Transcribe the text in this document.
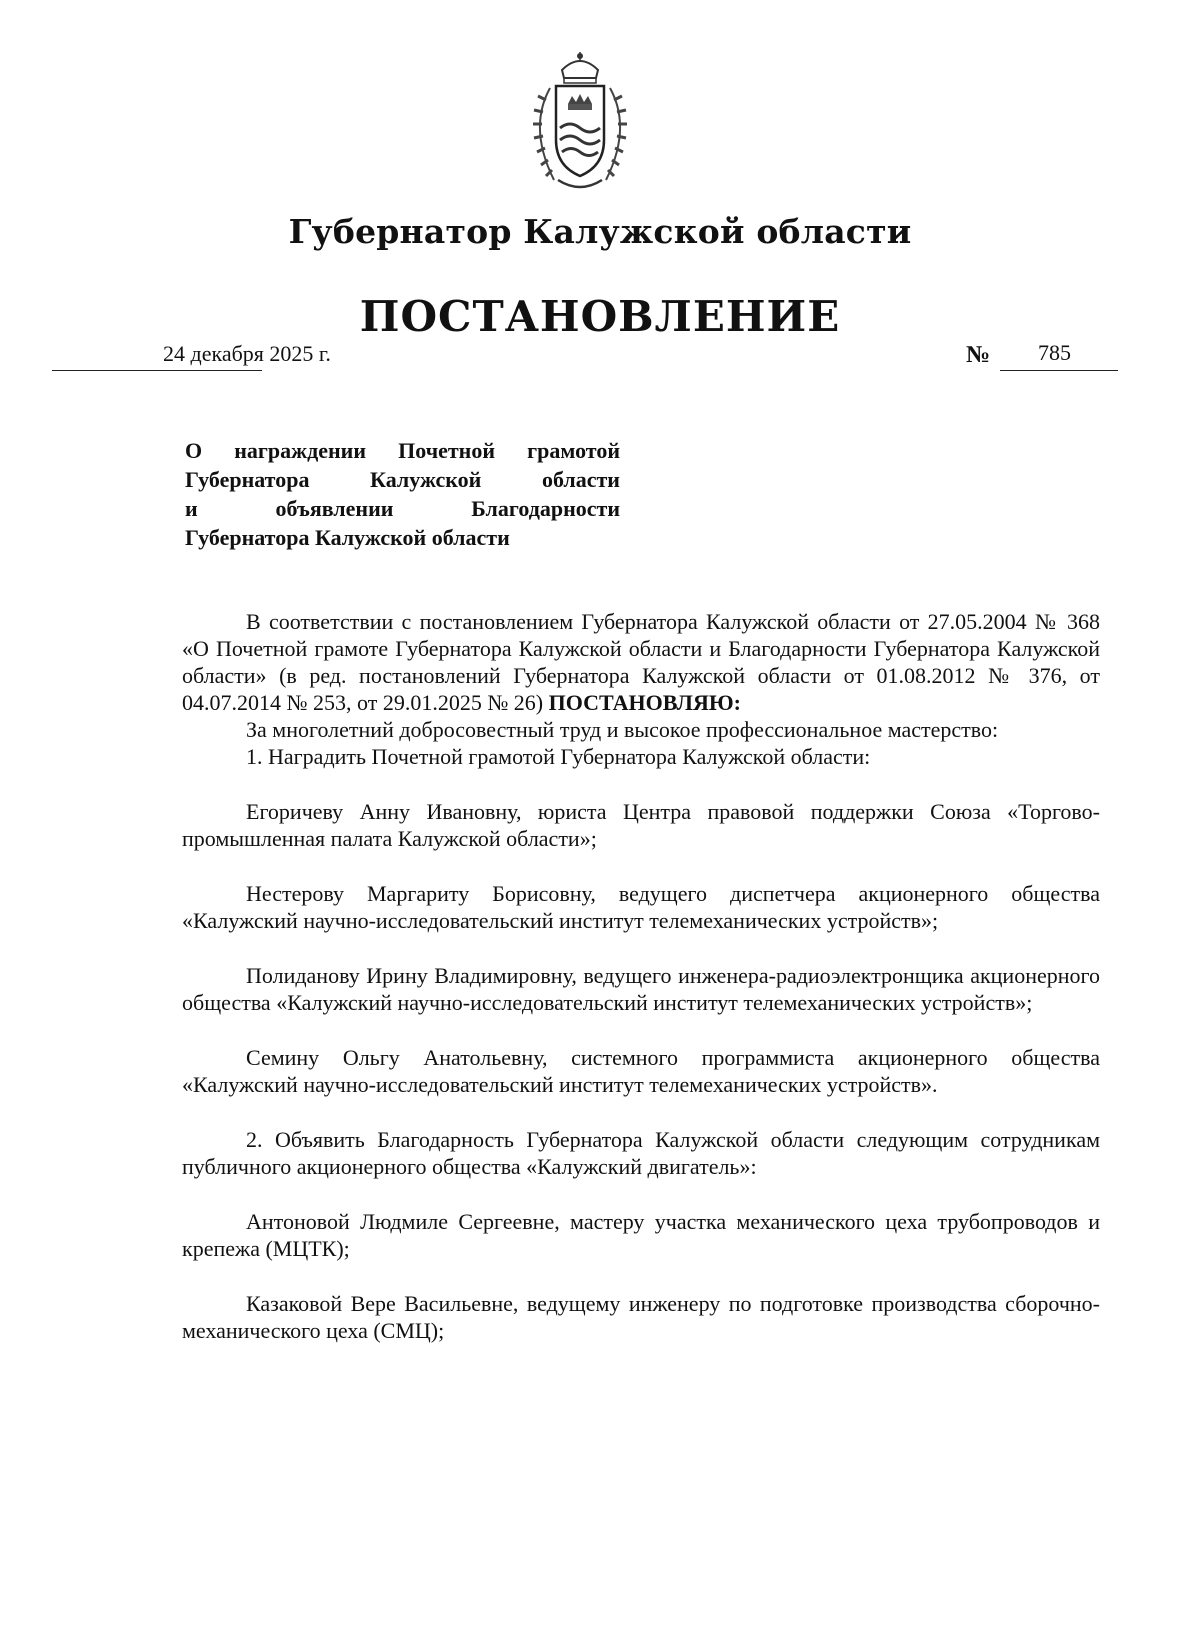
Губернатор Калужской области
ПОСТАНОВЛЕНИЕ
24 декабря 2025 г.	№ 785

О награждении Почетной грамотой

Губернатора Калужской области

и объявлении Благодарности

Губернатора Калужской области

В соответствии с постановлением Губернатора Калужской области от 27.05.2004 № 368 «О Почетной грамоте Губернатора Калужской области и Благодарности Губернатора Калужской области» (в ред. постановлений Губернатора Калужской области от 01.08.2012 № 376, от 04.07.2014 № 253, от 29.01.2025 № 26) ПОСТАНОВЛЯЮ:

За многолетний добросовестный труд и высокое профессиональное мастерство:

1. Наградить Почетной грамотой Губернатора Калужской области:

Егоричеву Анну Ивановну, юриста Центра правовой поддержки Союза «Торгово-промышленная палата Калужской области»;

Нестерову Маргариту Борисовну, ведущего диспетчера акционерного общества «Калужский научно-исследовательский институт телемеханических устройств»;

Полиданову Ирину Владимировну, ведущего инженера-радиоэлектронщика акционерного общества «Калужский научно-исследовательский институт телемеханических устройств»;

Семину Ольгу Анатольевну, системного программиста акционерного общества «Калужский научно-исследовательский институт телемеханических устройств».

2. Объявить Благодарность Губернатора Калужской области следующим сотрудникам публичного акционерного общества «Калужский двигатель»:

Антоновой Людмиле Сергеевне, мастеру участка механического цеха трубопроводов и крепежа (МЦТК);

Казаковой Вере Васильевне, ведущему инженеру по подготовке производства сборочно-механического цеха (СМЦ);
